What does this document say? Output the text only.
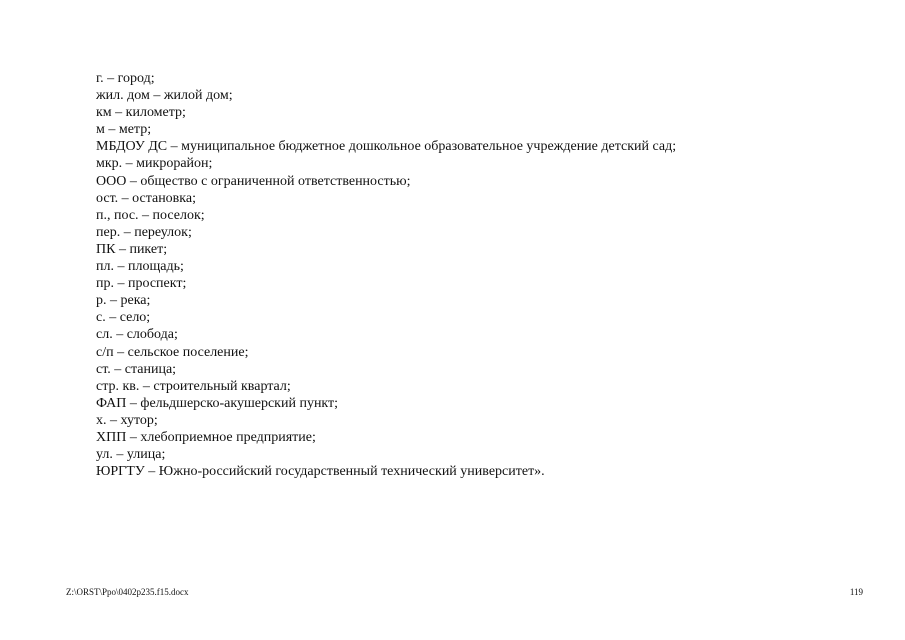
г. – город;
жил. дом – жилой дом;
км – километр;
м – метр;
МБДОУ ДС – муниципальное бюджетное дошкольное образовательное учреждение детский сад;
мкр. – микрорайон;
ООО – общество с ограниченной ответственностью;
ост. – остановка;
п., пос. – поселок;
пер. – переулок;
ПК – пикет;
пл. – площадь;
пр. – проспект;
р. – река;
с. – село;
сл. – слобода;
с/п – сельское поселение;
ст. – станица;
стр. кв. – строительный квартал;
ФАП – фельдшерско-акушерский пункт;
х. – хутор;
ХПП – хлебоприемное предприятие;
ул. – улица;
ЮРГТУ – Южно-российский государственный технический университет».
Z:\ORST\Ppo\0402p235.f15.docx	119
